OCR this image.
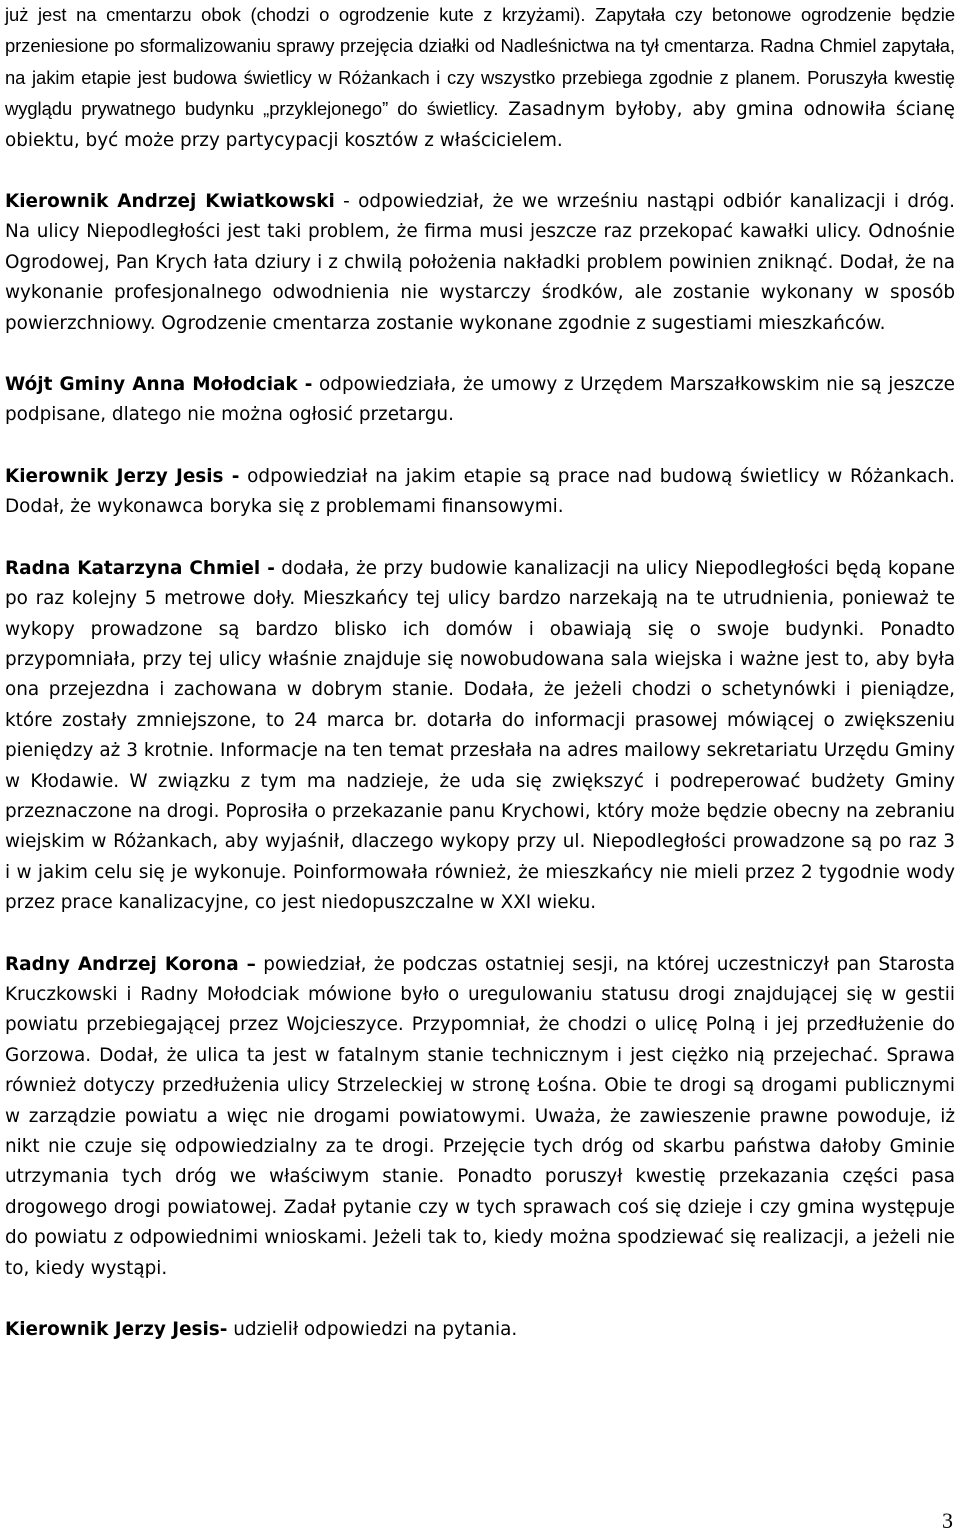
już jest na cmentarzu obok (chodzi o ogrodzenie kute z krzyżami). Zapytała czy betonowe ogrodzenie będzie przeniesione po sformalizowaniu sprawy przejęcia działki od Nadleśnictwa na tył cmentarza. Radna Chmiel zapytała, na jakim etapie jest budowa świetlicy w Różankach i czy wszystko przebiega zgodnie z planem. Poruszyła kwestię wyglądu prywatnego budynku „przyklejonego” do świetlicy. Zasadnym byłoby, aby gmina odnowiła ścianę obiektu, być może przy partycypacji kosztów z właścicielem.

Kierownik Andrzej Kwiatkowski - odpowiedział, że we wrześniu nastąpi odbiór kanalizacji i dróg. Na ulicy Niepodległości jest taki problem, że firma musi jeszcze raz przekopać kawałki ulicy. Odnośnie Ogrodowej, Pan Krych łata dziury i z chwilą położenia nakładki problem powinien zniknąć. Dodał, że na wykonanie profesjonalnego odwodnienia nie wystarczy środków, ale zostanie wykonany w sposób powierzchniowy. Ogrodzenie cmentarza zostanie wykonane zgodnie z sugestiami mieszkańców.

Wójt Gminy Anna Mołodciak - odpowiedziała, że umowy z Urzędem Marszałkowskim nie są jeszcze podpisane, dlatego nie można ogłosić przetargu.

Kierownik Jerzy Jesis - odpowiedział na jakim etapie są prace nad budową świetlicy w Różankach. Dodał, że wykonawca boryka się z problemami finansowymi.

Radna Katarzyna Chmiel - dodała, że przy budowie kanalizacji na ulicy Niepodległości będą kopane po raz kolejny 5 metrowe doły. Mieszkańcy tej ulicy bardzo narzekają na te utrudnienia, ponieważ te wykopy prowadzone są bardzo blisko ich domów i obawiają się o swoje budynki. Ponadto przypomniała, przy tej ulicy właśnie znajduje się nowobudowana sala wiejska i ważne jest to, aby była ona przejezdna i zachowana w dobrym stanie. Dodała, że jeżeli chodzi o schetynówki i pieniądze, które zostały zmniejszone, to 24 marca br. dotarła do informacji prasowej mówiącej o zwiększeniu pieniędzy aż 3 krotnie. Informacje na ten temat przesłała na adres mailowy sekretariatu Urzędu Gminy w Kłodawie. W związku z tym ma nadzieje, że uda się zwiększyć i podreperować budżety Gminy przeznaczone na drogi. Poprosiła o przekazanie panu Krychowi, który może będzie obecny na zebraniu wiejskim w Różankach, aby wyjaśnił, dlaczego wykopy przy ul. Niepodległości prowadzone są po raz 3 i w jakim celu się je wykonuje. Poinformowała również, że mieszkańcy nie mieli przez 2 tygodnie wody przez prace kanalizacyjne, co jest niedopuszczalne w XXI wieku.

Radny Andrzej Korona – powiedział, że podczas ostatniej sesji, na której uczestniczył pan Starosta Kruczkowski i Radny Mołodciak mówione było o uregulowaniu statusu drogi znajdującej się w gestii powiatu przebiegającej przez Wojcieszyce. Przypomniał, że chodzi o ulicę Polną i jej przedłużenie do Gorzowa. Dodał, że ulica ta jest w fatalnym stanie technicznym i jest ciężko nią przejechać. Sprawa również dotyczy przedłużenia ulicy Strzeleckiej w stronę Łośna. Obie te drogi są drogami publicznymi w zarządzie powiatu a więc nie drogami powiatowymi. Uważa, że zawieszenie prawne powoduje, iż nikt nie czuje się odpowiedzialny za te drogi. Przejęcie tych dróg od skarbu państwa dałoby Gminie utrzymania tych dróg we właściwym stanie. Ponadto poruszył kwestię przekazania części pasa drogowego drogi powiatowej. Zadał pytanie czy w tych sprawach coś się dzieje i czy gmina występuje do powiatu z odpowiednimi wnioskami. Jeżeli tak to, kiedy można spodziewać się realizacji, a jeżeli nie to, kiedy wystąpi.

Kierownik Jerzy Jesis- udzielił odpowiedzi na pytania.

3
